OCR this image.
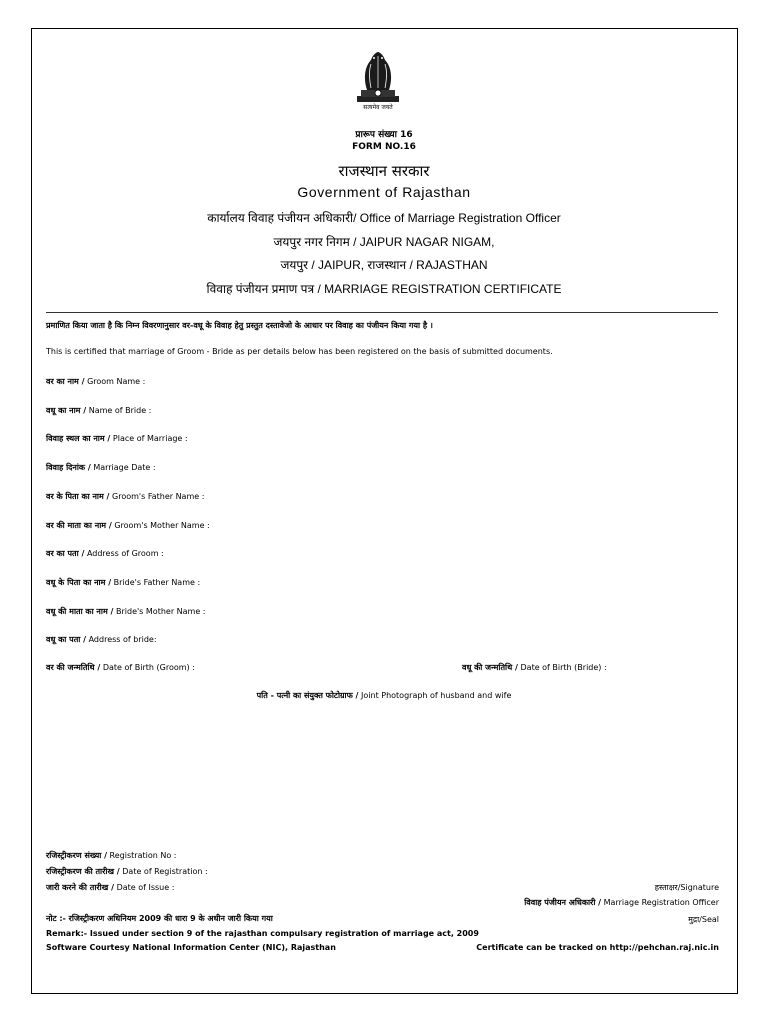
सत्यमेव जयते
प्रारूप संख्या 16
FORM NO.16
राजस्थान सरकार
Government of Rajasthan
कार्यालय विवाह पंजीयन अधिकारी/ Office of Marriage Registration Officer
जयपुर नगर निगम / JAIPUR NAGAR NIGAM,
जयपुर / JAIPUR, राजस्थान / RAJASTHAN
विवाह पंजीयन प्रमाण पत्र / MARRIAGE REGISTRATION CERTIFICATE
प्रमाणित किया जाता है कि निम्न विवरणानुसार वर-वधू के विवाह हेतु प्रस्तुत दस्तावेजो के आधार पर विवाह का पंजीयन किया गया है ।
This is certified that marriage of Groom - Bride as per details below has been registered on the basis of submitted documents.
वर का नाम / Groom Name :
वधू का नाम / Name of Bride :
विवाह स्थल का नाम / Place of Marriage :
विवाह दिनांक / Marriage Date :
वर के पिता का नाम / Groom's Father Name :
वर की माता का नाम / Groom's Mother Name :
वर का पता / Address of Groom :
वधू के पिता का नाम / Bride's Father Name :
वधू की माता का नाम / Bride's Mother Name :
वधू का पता / Address of bride:
वर की जन्मतिथि / Date of Birth (Groom) :	वधू की जन्मतिथि / Date of Birth (Bride) :
पति - पत्नी का संयुक्त फोटोग्राफ / Joint Photograph of husband and wife
रजिस्ट्रीकरण संख्या / Registration No :
रजिस्ट्रीकरण की तारीख / Date of Registration :
जारी करने की तारीख / Date of Issue :	हस्ताक्षर/Signature
विवाह पंजीयन अधिकारी / Marriage Registration Officer
मुद्रा/Seal
नोट :- रजिस्ट्रीकरण अधिनियम 2009 की धारा 9 के अधीन जारी किया गया
Remark:- Issued under section 9 of the rajasthan compulsary registration of marriage act, 2009
Software Courtesy National Information Center (NIC), Rajasthan	Certificate can be tracked on http://pehchan.raj.nic.in
